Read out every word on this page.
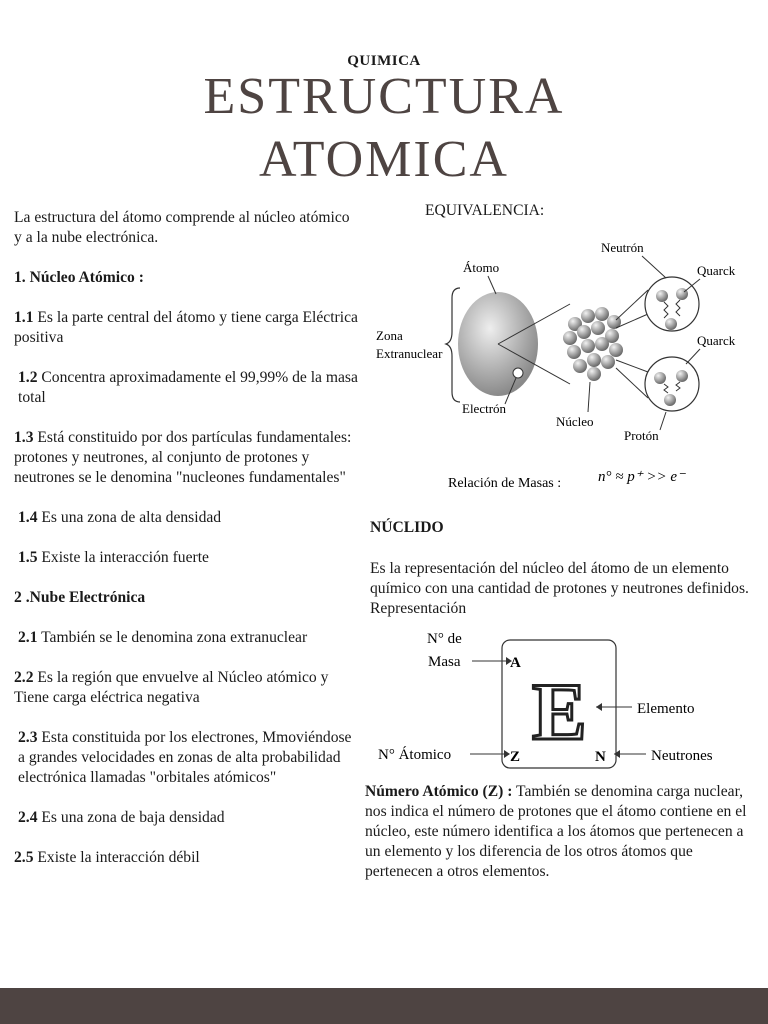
QUIMICA
ESTRUCTURA
ATOMICA

La estructura del átomo comprende al núcleo atómico y a la nube electrónica.

1. Núcleo Atómico :

1.1 Es la parte central del átomo y tiene carga Eléctrica positiva

1.2 Concentra aproximadamente el 99,99% de la masa total

1.3 Está constituido por dos partículas fundamentales: protones y neutrones, al conjunto de protones y neutrones se le denomina "nucleones fundamentales"

1.4 Es una zona de alta densidad

1.5 Existe la interacción fuerte

2 .Nube Electrónica

2.1 También se le denomina zona extranuclear

2.2 Es la región que envuelve al Núcleo atómico y Tiene carga eléctrica negativa

2.3 Esta constituida por los electrones, Mmoviéndose a grandes velocidades en zonas de alta probabilidad electrónica llamadas "orbitales atómicos"

2.4 Es una zona de baja densidad

2.5 Existe la interacción débil

EQUIVALENCIA:
Zona
Extranuclear
Átomo
Electrón
Núcleo
Neutrón
Quarck
Quarck
Protón
Relación de Masas : n° ≈ p⁺ >> e⁻
NÚCLIDO

Es la representación del núcleo del átomo de un elemento químico con una cantidad de protones y neutrones definidos. Representación

N° de
Masa	A
E
N° Átomico	Z	N	Neutrones
Elemento

Número Atómico (Z) : También se denomina carga nuclear, nos indica el número de protones que el átomo contiene en el núcleo, este número identifica a los átomos que pertenecen a un elemento y los diferencia de los otros átomos que pertenecen a otros elementos.
